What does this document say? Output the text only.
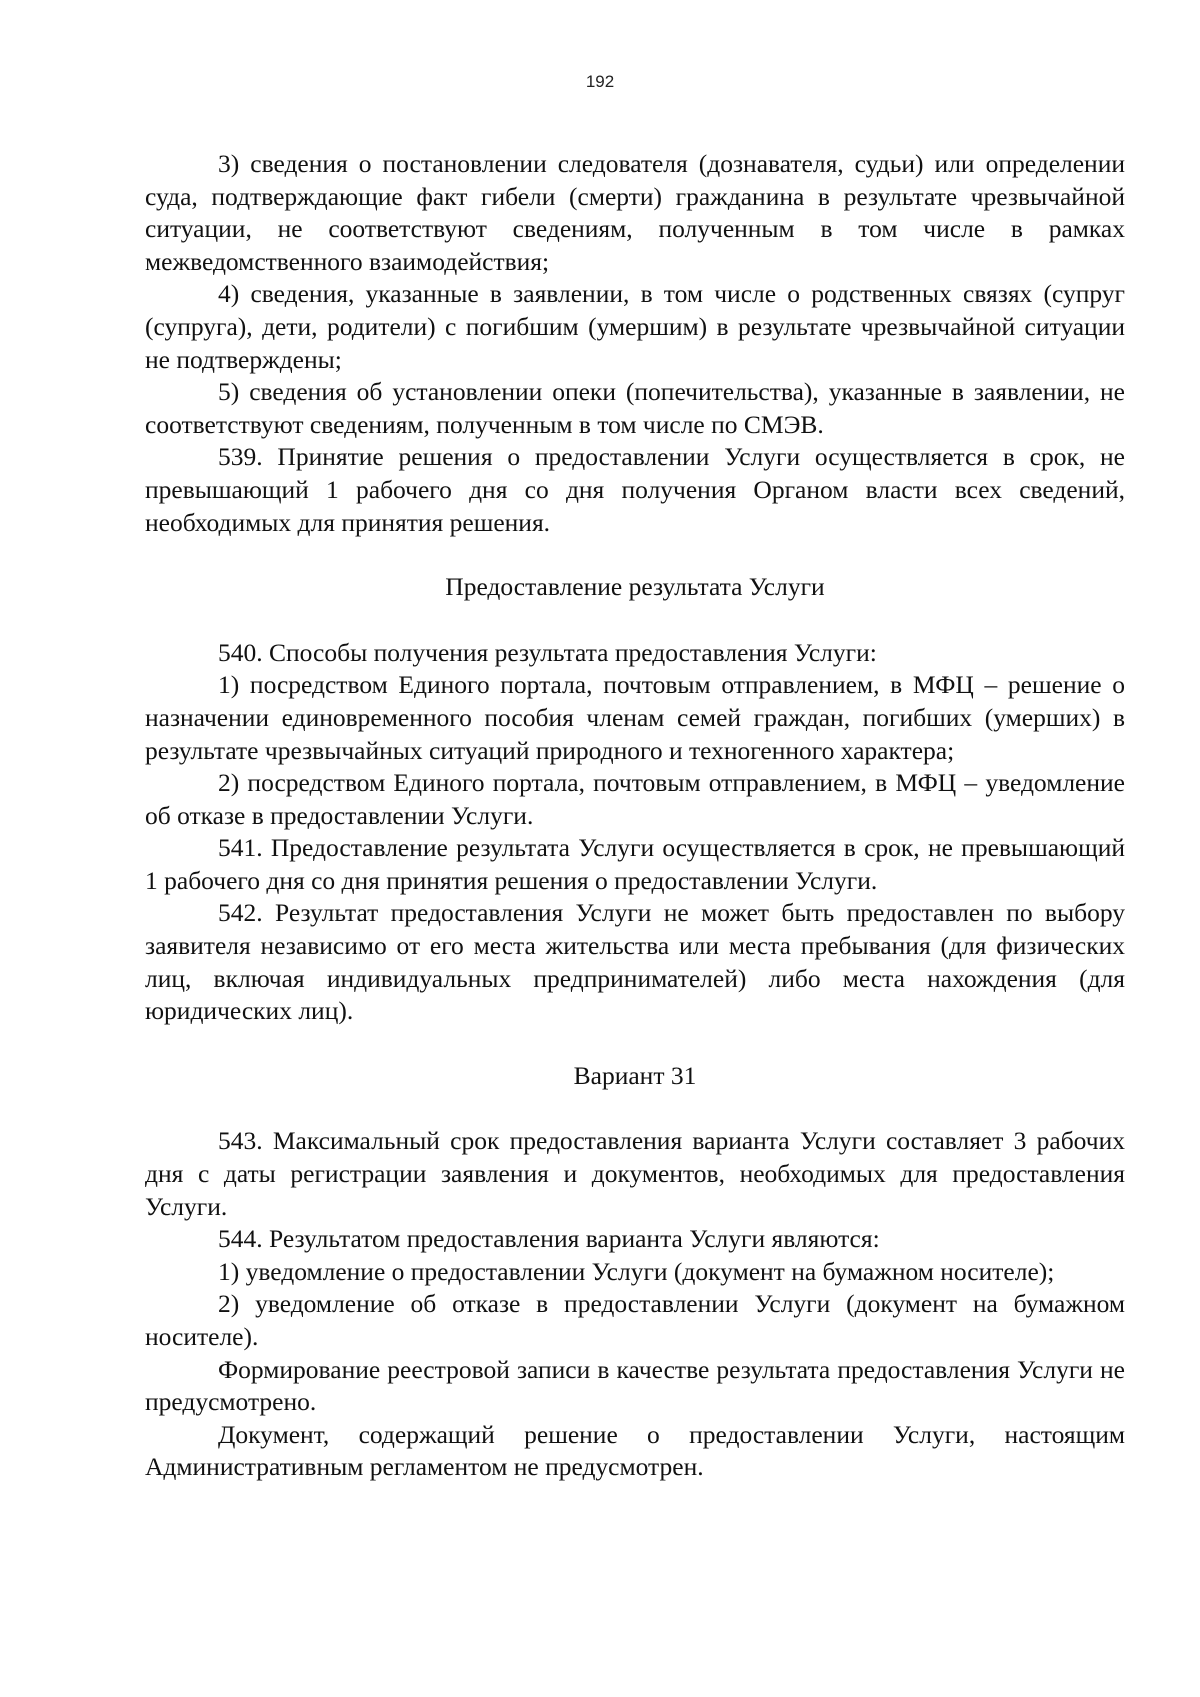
192

3) сведения о постановлении следователя (дознавателя, судьи) или определении суда, подтверждающие факт гибели (смерти) гражданина в результате чрезвычайной ситуации, не соответствуют сведениям, полученным в том числе в рамках межведомственного взаимодействия;

4) сведения, указанные в заявлении, в том числе о родственных связях (супруг (супруга), дети, родители) с погибшим (умершим) в результате чрезвычайной ситуации не подтверждены;

5) сведения об установлении опеки (попечительства), указанные в заявлении, не соответствуют сведениям, полученным в том числе по СМЭВ.

539. Принятие решения о предоставлении Услуги осуществляется в срок, не превышающий 1 рабочего дня со дня получения Органом власти всех сведений, необходимых для принятия решения.

Предоставление результата Услуги

540. Способы получения результата предоставления Услуги:

1) посредством Единого портала, почтовым отправлением, в МФЦ – решение о назначении единовременного пособия членам семей граждан, погибших (умерших) в результате чрезвычайных ситуаций природного и техногенного характера;

2) посредством Единого портала, почтовым отправлением, в МФЦ – уведомление об отказе в предоставлении Услуги.

541. Предоставление результата Услуги осуществляется в срок, не превышающий 1 рабочего дня со дня принятия решения о предоставлении Услуги.

542. Результат предоставления Услуги не может быть предоставлен по выбору заявителя независимо от его места жительства или места пребывания (для физических лиц, включая индивидуальных предпринимателей) либо места нахождения (для юридических лиц).

Вариант 31

543. Максимальный срок предоставления варианта Услуги составляет 3 рабочих дня с даты регистрации заявления и документов, необходимых для предоставления Услуги.

544. Результатом предоставления варианта Услуги являются:

1) уведомление о предоставлении Услуги (документ на бумажном носителе);

2) уведомление об отказе в предоставлении Услуги (документ на бумажном носителе).

Формирование реестровой записи в качестве результата предоставления Услуги не предусмотрено.

Документ, содержащий решение о предоставлении Услуги, настоящим Административным регламентом не предусмотрен.
